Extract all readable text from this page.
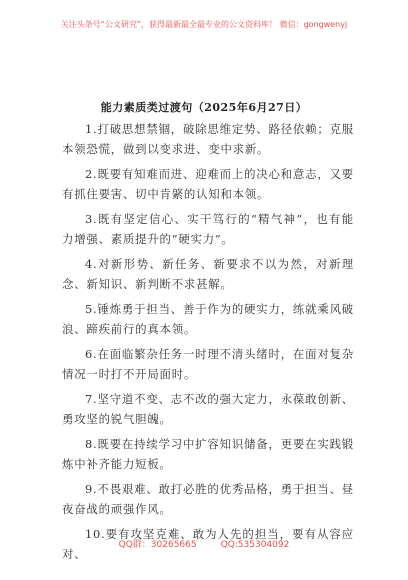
关注头条号“公文研究”，获得最新最全最专业的公文资料库！ 微信：gongwenyj
能力素质类过渡句（2025年6月27日）

1.打破思想禁锢，破除思维定势、路径依赖；克服本领恐慌，做到以变求进、变中求新。

2.既要有知难而进、迎难而上的决心和意志，又要有抓住要害、切中肯綮的认知和本领。

3.既有坚定信心、实干笃行的“精气神”，也有能力增强、素质提升的“硬实力”。

4.对新形势、新任务、新要求不以为然，对新理念、新知识、新判断不求甚解。

5.锤炼勇于担当、善于作为的硬实力，练就乘风破浪、蹄疾前行的真本领。

6.在面临繁杂任务一时理不清头绪时，在面对复杂情况一时打不开局面时。

7.坚守道不变、志不改的强大定力，永葆敢创新、勇攻坚的锐气胆魄。

8.既要在持续学习中扩容知识储备，更要在实践锻炼中补齐能力短板。

9.不畏艰难、敢打必胜的优秀品格，勇于担当、昼夜奋战的顽强作风。

10.要有攻坚克难、敢为人先的担当，要有从容应对、

QQ群：30265665	QQ:535304092
